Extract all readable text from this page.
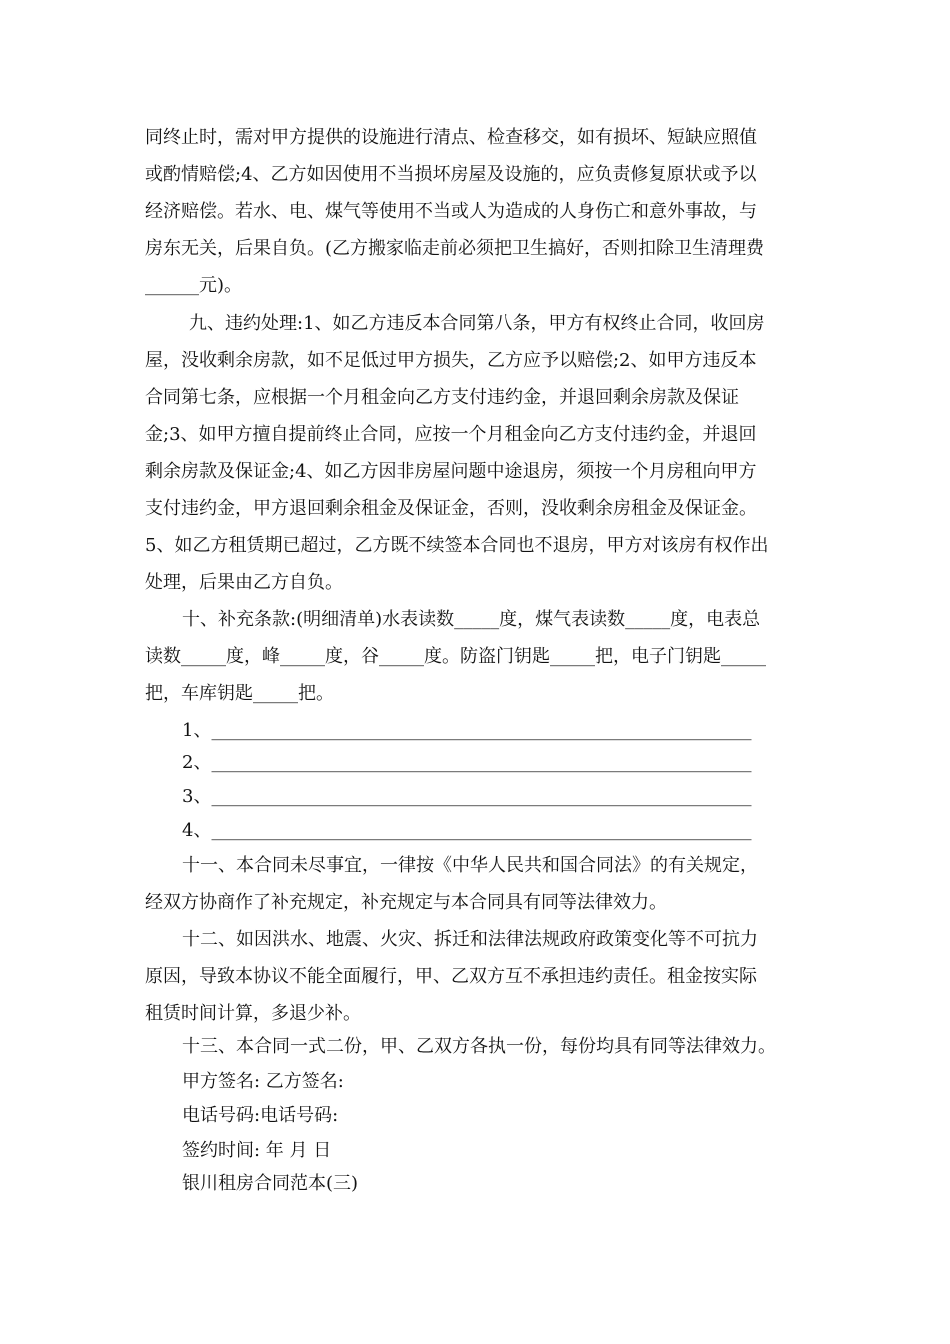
同终止时，需对甲方提供的设施进行清点、检查移交，如有损坏、短缺应照值
或酌情赔偿;4、乙方如因使用不当损坏房屋及设施的，应负责修复原状或予以
经济赔偿。若水、电、煤气等使用不当或人为造成的人身伤亡和意外事故，与
房东无关，后果自负。(乙方搬家临走前必须把卫生搞好，否则扣除卫生清理费
______元)。
九、违约处理:1、如乙方违反本合同第八条，甲方有权终止合同，收回房
屋，没收剩余房款，如不足低过甲方损失，乙方应予以赔偿;2、如甲方违反本
合同第七条，应根据一个月租金向乙方支付违约金，并退回剩余房款及保证
金;3、如甲方擅自提前终止合同，应按一个月租金向乙方支付违约金，并退回
剩余房款及保证金;4、如乙方因非房屋问题中途退房，须按一个月房租向甲方
支付违约金，甲方退回剩余租金及保证金，否则，没收剩余房租金及保证金。
5、如乙方租赁期已超过，乙方既不续签本合同也不退房，甲方对该房有权作出
处理，后果由乙方自负。
十、补充条款:(明细清单)水表读数_____度，煤气表读数_____度，电表总
读数_____度，峰_____度，谷_____度。防盗门钥匙_____把，电子门钥匙_____
把，车库钥匙_____把。
1、____________________________________________________________
2、____________________________________________________________
3、____________________________________________________________
4、____________________________________________________________
十一、本合同未尽事宜，一律按《中华人民共和国合同法》的有关规定，
经双方协商作了补充规定，补充规定与本合同具有同等法律效力。
十二、如因洪水、地震、火灾、拆迁和法律法规政府政策变化等不可抗力
原因，导致本协议不能全面履行，甲、乙双方互不承担违约责任。租金按实际
租赁时间计算，多退少补。
十三、本合同一式二份，甲、乙双方各执一份，每份均具有同等法律效力。
甲方签名: 乙方签名:
电话号码:电话号码:
签约时间: 年 月 日
银川租房合同范本(三)
